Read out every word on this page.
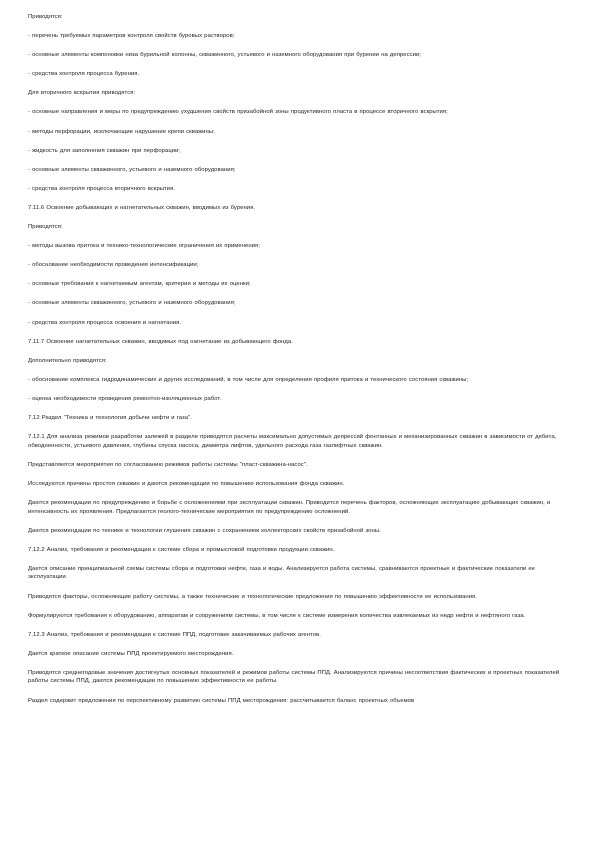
Приводятся:

- перечень требуемых параметров контроля свойств буровых растворов;

- основные элементы компоновки низа бурильной колонны, скважинного, устьевого и наземного оборудования при бурении на депрессии;

- средства контроля процесса бурения.

Для вторичного вскрытия приводятся:

- основные направления и меры по предупреждению ухудшения свойств призабойной зоны продуктивного пласта в процессе вторичного вскрытия;

- методы перфорации, исключающие нарушение крепи скважины;

- жидкость для заполнения скважин при перфорации;

- основные элементы скважинного, устьевого и наземного оборудования;

- средства контроля процесса вторичного вскрытия.

7.11.6 Освоение добывающих и нагнетательных скважин, вводимых из бурения.

Приводятся:

- методы вызова притока и технико-технологические ограничения их применения;

- обоснование необходимости проведения интенсификации;

- основные требования к нагнетаемым агентам, критерии и методы их оценки;

- основные элементы скважинного, устьевого и наземного оборудования;

- средства контроля процесса освоения и нагнетания.

7.11.7 Освоение нагнетательных скважин, вводимых под нагнетание из добывающего фонда.

Дополнительно приводятся:

- обоснование комплекса гидродинамических и других исследований, в том числе для определения профиля притока и технического состояния скважины;

- оценка необходимости проведения ремонтно-изоляционных работ.

7.12 Раздел "Техника и технология добычи нефти и газа".

7.12.1 Для анализа режимов разработки залежей в разделе приводятся расчеты максимально допустимых депрессий фонтанных и механизированных скважин в зависимости от дебита, обводненности, устьевого давления, глубины спуска насоса, диаметра лифтов, удельного расхода газа газлифтных скважин.

Представляются мероприятия по согласованию режимов работы системы "пласт-скважина-насос".

Исследуются причины простоя скважин и даются рекомендации по повышению использования фонда скважин.

Даются рекомендации по предупреждению и борьбе с осложнениями при эксплуатации скважин. Приводится перечень факторов, осложняющих эксплуатацию добывающих скважин, и интенсивность их проявления. Предлагаются геолого-технические мероприятия по предупреждению осложнений.

Даются рекомендации по технике и технологии глушения скважин с сохранением коллекторских свойств призабойной зоны.

7.12.2 Анализ, требования и рекомендации к системе сбора и промысловой подготовки продукции скважин.

Дается описание принципиальной схемы системы сбора и подготовки нефти, газа и воды. Анализируется работа системы, сравниваются проектные и фактические показатели ее эксплуатации.

Приводятся факторы, осложняющие работу системы, а также технические и технологические предложения по повышению эффективности ее использования.

Формулируются требования к оборудованию, аппаратам и сооружениям системы, в том числе к системе измерения количества извлекаемых из недр нефти и нефтяного газа.

7.12.3 Анализ, требования и рекомендации к системе ППД, подготовке закачиваемых рабочих агентов.

Дается краткое описание системы ППД проектируемого месторождения.

Приводятся среднегодовые значения достигнутых основных показателей и режимов работы системы ППД. Анализируются причины несоответствия фактических и проектных показателей работы системы ППД, даются рекомендации по повышению эффективности ее работы.

Раздел содержит предложения по перспективному развитию системы ППД месторождения: рассчитывается баланс проектных объемов
